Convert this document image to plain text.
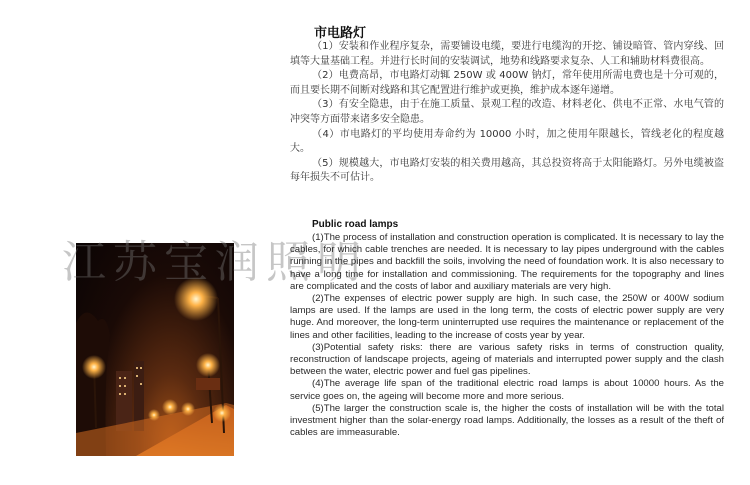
江苏宝润照明
市电路灯

（1）安装和作业程序复杂，需要铺设电缆，要进行电缆沟的开挖、铺设暗管、管内穿线、回填等大量基础工程。并进行长时间的安装调试，地势和线路要求复杂、人工和辅助材料费很高。

（2）电费高昂，市电路灯动辄 250W 或 400W 钠灯，常年使用所需电费也是十分可观的，而且要长期不间断对线路和其它配置进行维护或更换，维护成本逐年递增。

（3）有安全隐患，由于在施工质量、景观工程的改造、材料老化、供电不正常、水电气管的冲突等方面带来诸多安全隐患。

（4）市电路灯的平均使用寿命约为 10000 小时，加之使用年限越长，管线老化的程度越大。

（5）规模越大，市电路灯安装的相关费用越高，其总投资将高于太阳能路灯。另外电缆被盗每年损失不可估计。

Public road lamps

(1)The process of installation and construction operation is complicated. It is necessary to lay the cables, for which cable trenches are needed. It is necessary to lay pipes underground with the cables running in the pipes and backfill the soils, involving the need of foundation work. It is also necessary to have a long time for installation and commissioning. The requirements for the topography and lines are complicated and the costs of labor and auxiliary materials are very high.

(2)The expenses of electric power supply are high. In such case, the 250W or 400W sodium lamps are used. If the lamps are used in the long term, the costs of electric power supply are very huge. And moreover, the long-term uninterrupted use requires the maintenance or replacement of the lines and other facilities, leading to the increase of costs year by year.

(3)Potential safety risks: there are various safety risks in terms of construction quality, reconstruction of landscape projects, ageing of materials and interrupted power supply and the clash between the water, electric power and fuel gas pipelines.

(4)The average life span of the traditional electric road lamps is about 10000 hours. As the service goes on, the ageing will become more and more serious.

(5)The larger the construction scale is, the higher the costs of installation will be with the total investment higher than the solar-energy road lamps. Additionally, the losses as a result of the theft of cables are immeasurable.
